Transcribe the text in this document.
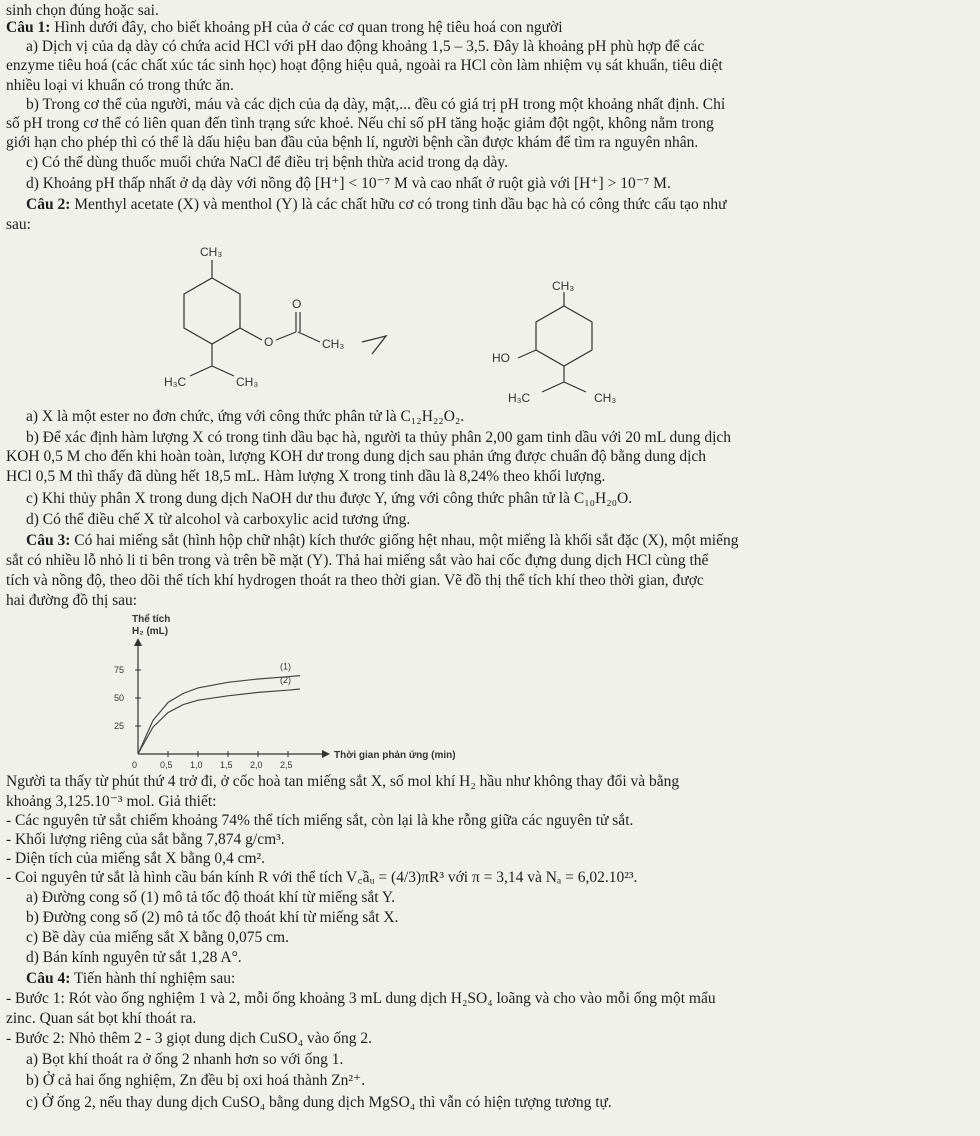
sinh chọn đúng hoặc sai.
Câu 1: Hình dưới đây, cho biết khoảng pH của ở các cơ quan trong hệ tiêu hoá con người
a) Dịch vị của dạ dày có chứa acid HCl với pH dao động khoảng 1,5 – 3,5. Đây là khoảng pH phù hợp để các
enzyme tiêu hoá (các chất xúc tác sinh học) hoạt động hiệu quả, ngoài ra HCl còn làm nhiệm vụ sát khuẩn, tiêu diệt
nhiều loại vi khuẩn có trong thức ăn.
b) Trong cơ thể của người, máu và các dịch của dạ dày, mật,... đều có giá trị pH trong một khoảng nhất định. Chỉ
số pH trong cơ thể có liên quan đến tình trạng sức khoẻ. Nếu chỉ số pH tăng hoặc giảm đột ngột, không nằm trong
giới hạn cho phép thì có thể là dấu hiệu ban đầu của bệnh lí, người bệnh cần được khám để tìm ra nguyên nhân.
c) Có thể dùng thuốc muối chứa NaCl để điều trị bệnh thừa acid trong dạ dày.
d) Khoảng pH thấp nhất ở dạ dày với nồng độ [H⁺] < 10⁻⁷ M và cao nhất ở ruột già với [H⁺] > 10⁻⁷ M.
Câu 2: Menthyl acetate (X) và menthol (Y) là các chất hữu cơ có trong tinh dầu bạc hà có công thức cấu tạo như
sau:
CH₃
O
O
CH₃
H₃C	CH₃
CH₃
HO
H₃C	CH₃
a) X là một ester no đơn chức, ứng với công thức phân tử là C₁₂H₂₂O₂.
b) Để xác định hàm lượng X có trong tinh dầu bạc hà, người ta thủy phân 2,00 gam tinh dầu với 20 mL dung dịch
KOH 0,5 M cho đến khi hoàn toàn, lượng KOH dư trong dung dịch sau phản ứng được chuẩn độ bằng dung dịch
HCl 0,5 M thì thấy đã dùng hết 18,5 mL. Hàm lượng X trong tinh dầu là 8,24% theo khối lượng.
c) Khi thủy phân X trong dung dịch NaOH dư thu được Y, ứng với công thức phân tử là C₁₀H₂₀O.
d) Có thể điều chế X từ alcohol và carboxylic acid tương ứng.
Câu 3: Có hai miếng sắt (hình hộp chữ nhật) kích thước giống hệt nhau, một miếng là khối sắt đặc (X), một miếng
sắt có nhiều lỗ nhỏ li ti bên trong và trên bề mặt (Y). Thả hai miếng sắt vào hai cốc đựng dung dịch HCl cùng thể
tích và nồng độ, theo dõi thể tích khí hydrogen thoát ra theo thời gian. Vẽ đồ thị thể tích khí theo thời gian, được
hai đường đồ thị sau:
Thể tích
H₂ (mL)
Thời gian phản ứng (min)
0	0,5 1,0 1,5 2,0 2,5
25
50
75	(1)
(2)
Người ta thấy từ phút thứ 4 trở đi, ở cốc hoà tan miếng sắt X, số mol khí H₂ hầu như không thay đổi và bằng
khoảng 3,125.10⁻³ mol. Giả thiết:
- Các nguyên tử sắt chiếm khoảng 74% thể tích miếng sắt, còn lại là khe rỗng giữa các nguyên tử sắt.
- Khối lượng riêng của sắt bằng 7,874 g/cm³.
- Diện tích của miếng sắt X bằng 0,4 cm².
- Coi nguyên tử sắt là hình cầu bán kính R với thể tích V꜀ầᵤ = (4/3)πR³ với π = 3,14 và Nₐ = 6,02.10²³.
a) Đường cong số (1) mô tả tốc độ thoát khí từ miếng sắt Y.
b) Đường cong số (2) mô tả tốc độ thoát khí từ miếng sắt X.
c) Bề dày của miếng sắt X bằng 0,075 cm.
d) Bán kính nguyên tử sắt 1,28 A°.
Câu 4: Tiến hành thí nghiệm sau:
- Bước 1: Rót vào ống nghiệm 1 và 2, mỗi ống khoảng 3 mL dung dịch H₂SO₄ loãng và cho vào mỗi ống một mẩu
zinc. Quan sát bọt khí thoát ra.
- Bước 2: Nhỏ thêm 2 - 3 giọt dung dịch CuSO₄ vào ống 2.
a) Bọt khí thoát ra ở ống 2 nhanh hơn so với ống 1.
b) Ở cả hai ống nghiệm, Zn đều bị oxi hoá thành Zn²⁺.
c) Ở ống 2, nếu thay dung dịch CuSO₄ bằng dung dịch MgSO₄ thì vẫn có hiện tượng tương tự.
